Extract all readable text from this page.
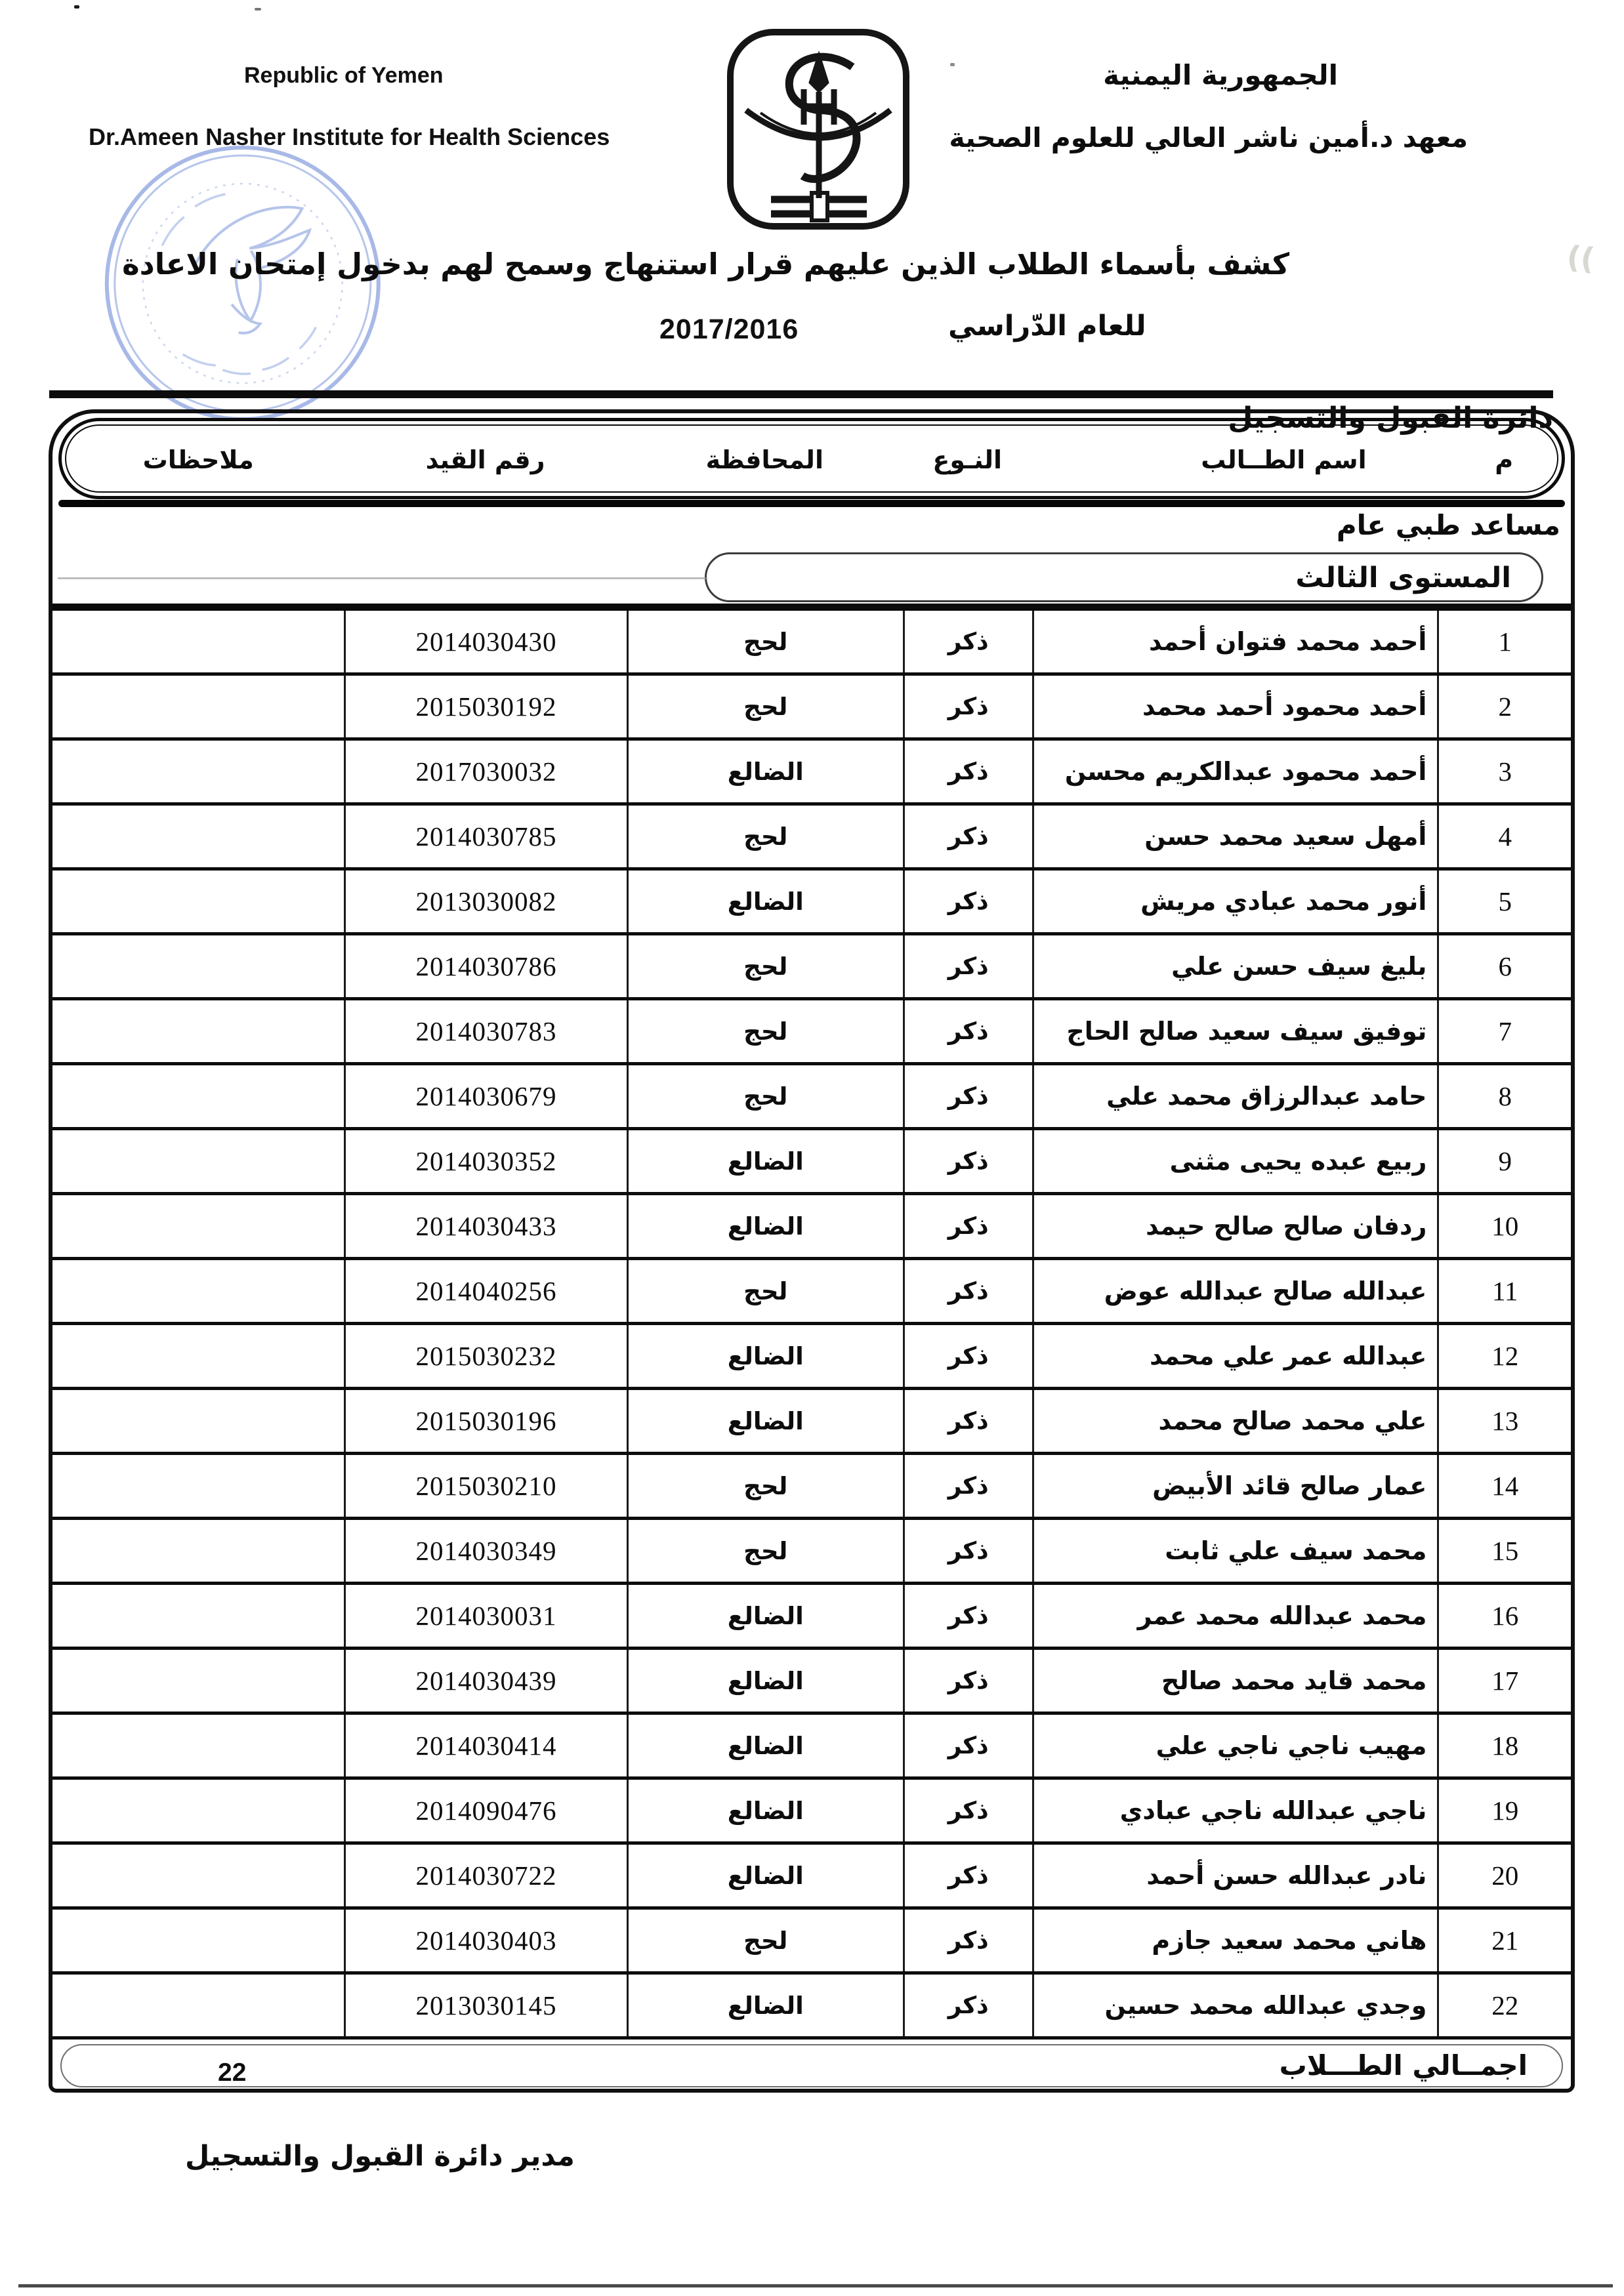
Republic of Yemen
Dr.Ameen Nasher Institute for Health Sciences
الجمهورية اليمنية
معهد د.أمين ناشر العالي للعلوم الصحية
كشف بأسماء الطلاب الذين عليهم قرار استنهاج وسمح لهم بدخول إمتحان الاعادة	((
2017/2016	للعام الدّراسي
دائرة القبول والتسجيل
م
اسم الطــالب
النـوع
المحافظة
رقم القيد
ملاحظات
مساعد طبي عام
المستوى الثالث
1
أحمد محمد فتوان أحمد
ذكر
لحج
2014030430
2
أحمد محمود أحمد محمد
ذكر
لحج
2015030192
3
أحمد محمود عبدالكريم محسن
ذكر
الضالع
2017030032
4
أمهل سعيد محمد حسن
ذكر
لحج
2014030785
5
أنور محمد عبادي مريش
ذكر
الضالع
2013030082
6
بليغ سيف حسن علي
ذكر
لحج
2014030786
7
توفيق سيف سعيد صالح الحاج
ذكر
لحج
2014030783
8
حامد عبدالرزاق محمد علي
ذكر
لحج
2014030679
9
ربيع عبده يحيى مثنى
ذكر
الضالع
2014030352
10
ردفان صالح صالح حيمد
ذكر
الضالع
2014030433
11
عبدالله صالح عبدالله عوض
ذكر
لحج
2014040256
12
عبدالله عمر علي محمد
ذكر
الضالع
2015030232
13
علي محمد صالح محمد
ذكر
الضالع
2015030196
14
عمار صالح قائد الأبيض
ذكر
لحج
2015030210
15
محمد سيف علي ثابت
ذكر
لحج
2014030349
16
محمد عبدالله محمد عمر
ذكر
الضالع
2014030031
17
محمد قايد محمد صالح
ذكر
الضالع
2014030439
18
مهيب ناجي ناجي علي
ذكر
الضالع
2014030414
19
ناجي عبدالله ناجي عبادي
ذكر
الضالع
2014090476
20
نادر عبدالله حسن أحمد
ذكر
الضالع
2014030722
21
هاني محمد سعيد جازم
ذكر
لحج
2014030403
22
وجدي عبدالله محمد حسين
ذكر
الضالع
2013030145
اجمــالي الطـــلاب
22
مدير دائرة القبول والتسجيل
